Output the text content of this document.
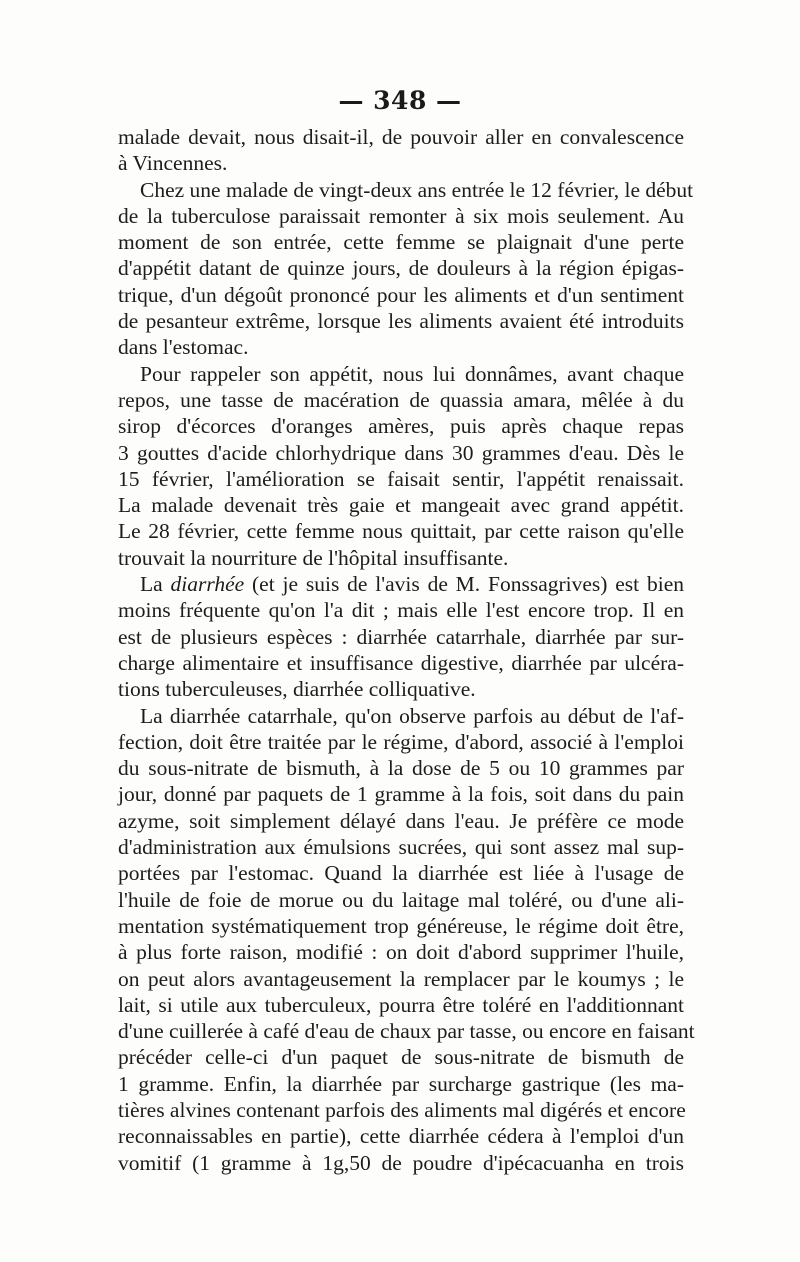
— 348 —
malade devait, nous disait-il, de pouvoir aller en convalescence
à Vincennes.
Chez une malade de vingt-deux ans entrée le 12 février, le début
de la tuberculose paraissait remonter à six mois seulement. Au
moment de son entrée, cette femme se plaignait d'une perte
d'appétit datant de quinze jours, de douleurs à la région épigas-
trique, d'un dégoût prononcé pour les aliments et d'un sentiment
de pesanteur extrême, lorsque les aliments avaient été introduits
dans l'estomac.
Pour rappeler son appétit, nous lui donnâmes, avant chaque
repos, une tasse de macération de quassia amara, mêlée à du
sirop d'écorces d'oranges amères, puis après chaque repas
3 gouttes d'acide chlorhydrique dans 30 grammes d'eau. Dès le
15 février, l'amélioration se faisait sentir, l'appétit renaissait.
La malade devenait très gaie et mangeait avec grand appétit.
Le 28 février, cette femme nous quittait, par cette raison qu'elle
trouvait la nourriture de l'hôpital insuffisante.
La diarrhée (et je suis de l'avis de M. Fonssagrives) est bien
moins fréquente qu'on l'a dit ; mais elle l'est encore trop. Il en
est de plusieurs espèces : diarrhée catarrhale, diarrhée par sur-
charge alimentaire et insuffisance digestive, diarrhée par ulcéra-
tions tuberculeuses, diarrhée colliquative.
La diarrhée catarrhale, qu'on observe parfois au début de l'af-
fection, doit être traitée par le régime, d'abord, associé à l'emploi
du sous-nitrate de bismuth, à la dose de 5 ou 10 grammes par
jour, donné par paquets de 1 gramme à la fois, soit dans du pain
azyme, soit simplement délayé dans l'eau. Je préfère ce mode
d'administration aux émulsions sucrées, qui sont assez mal sup-
portées par l'estomac. Quand la diarrhée est liée à l'usage de
l'huile de foie de morue ou du laitage mal toléré, ou d'une ali-
mentation systématiquement trop généreuse, le régime doit être,
à plus forte raison, modifié : on doit d'abord supprimer l'huile,
on peut alors avantageusement la remplacer par le koumys ; le
lait, si utile aux tuberculeux, pourra être toléré en l'additionnant
d'une cuillerée à café d'eau de chaux par tasse, ou encore en faisant
précéder celle-ci d'un paquet de sous-nitrate de bismuth de
1 gramme. Enfin, la diarrhée par surcharge gastrique (les ma-
tières alvines contenant parfois des aliments mal digérés et encore
reconnaissables en partie), cette diarrhée cédera à l'emploi d'un
vomitif (1 gramme à 1g,50 de poudre d'ipécacuanha en trois
